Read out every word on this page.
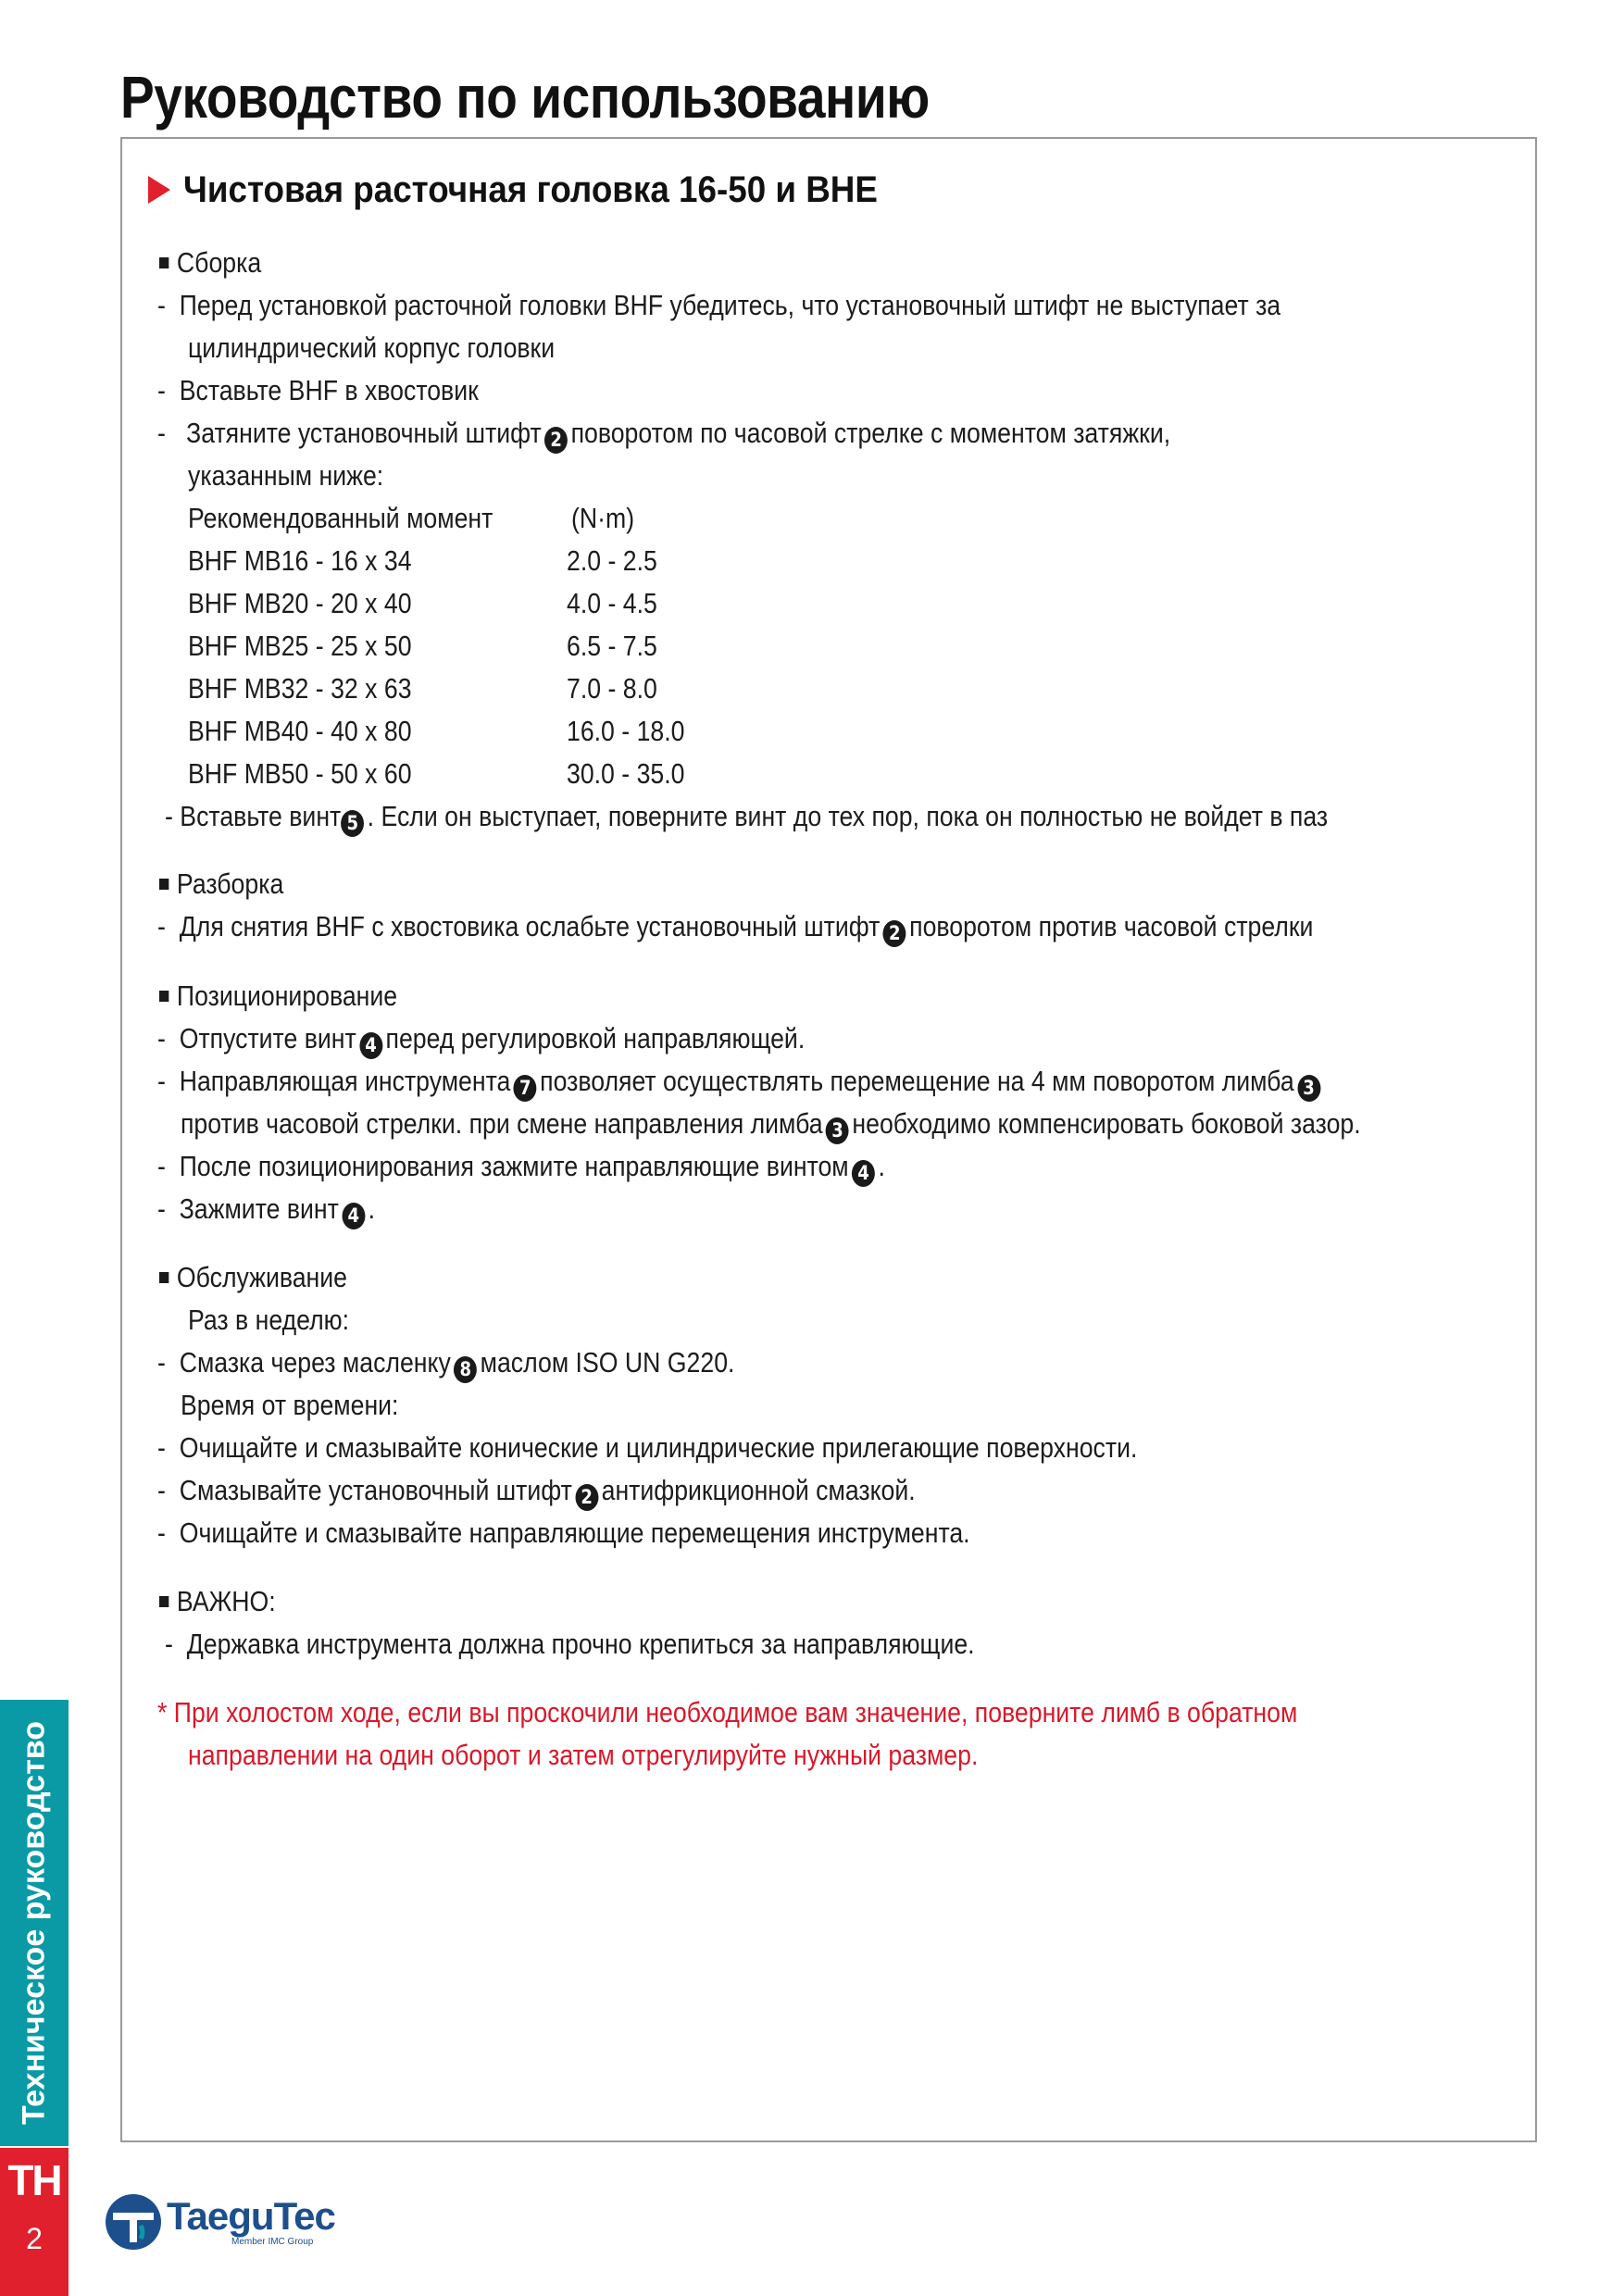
Руководство по использованию
Чистовая расточная головка 16-50 и BHE
Сборка
- Перед установкой расточной головки BHF убедитесь, что установочный штифт не выступает за
цилиндрический корпус головки
- Вставьте BHF в хвостовик
- Затяните установочный штифт 2 поворотом по часовой стрелке с моментом затяжки,
указанным ниже:
Рекомендованный момент	(N·m)
BHF MB16 - 16 x 34	2.0 - 2.5
BHF MB20 - 20 x 40	4.0 - 4.5
BHF MB25 - 25 x 50	6.5 - 7.5
BHF MB32 - 32 x 63	7.0 - 8.0
BHF MB40 - 40 x 80	16.0 - 18.0
BHF MB50 - 50 x 60	30.0 - 35.0
- Вставьте винт 5 . Если он выступает, поверните винт до тех пор, пока он полностью не войдет в паз
Разборка
- Для снятия BHF с хвостовика ослабьте установочный штифт 2 поворотом против часовой стрелки
Позиционирование
- Отпустите винт 4 перед регулировкой направляющей.
- Направляющая инструмента 7 позволяет осуществлять перемещение на 4 мм поворотом лимба 3
против часовой стрелки. при смене направления лимба 3 необходимо компенсировать боковой зазор.
- После позиционирования зажмите направляющие винтом 4 .
- Зажмите винт 4 .
Обслуживание
Раз в неделю:
- Смазка через масленку 8 маслом ISO UN G220.
Время от времени:
- Очищайте и смазывайте конические и цилиндрические прилегающие поверхности.
- Смазывайте установочный штифт 2 антифрикционной смазкой.
- Очищайте и смазывайте направляющие перемещения инструмента.
ВАЖНО:
- Державка инструмента должна прочно крепиться за направляющие.
* При холостом ходе, если вы проскочили необходимое вам значение, поверните лимб в обратном
направлении на один оборот и затем отрегулируйте нужный размер.
Техническое руководство
TH
2
TaeguTec
Member IMC Group
